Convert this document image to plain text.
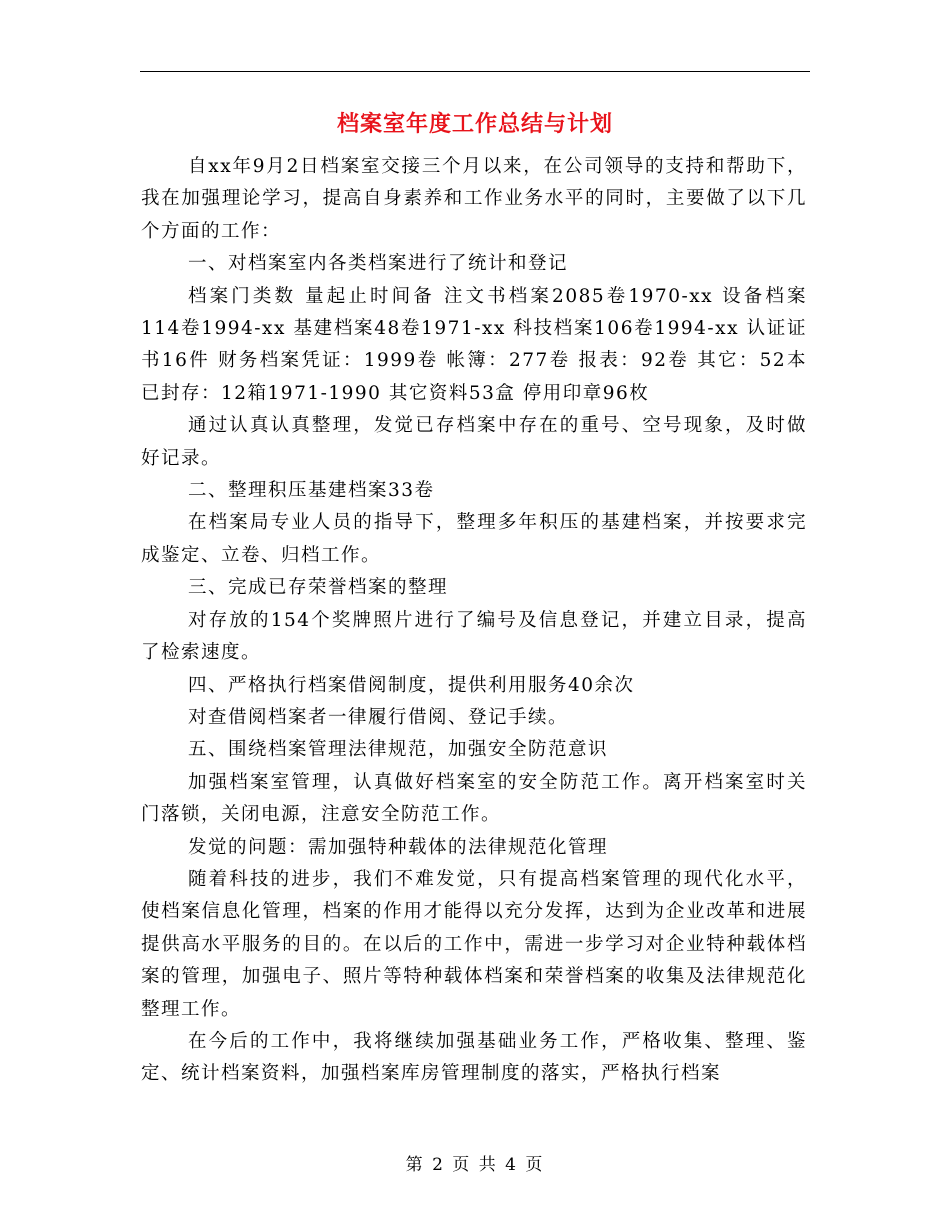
档案室年度工作总结与计划

自xx年9月2日档案室交接三个月以来，在公司领导的支持和帮助下，我在加强理论学习，提高自身素养和工作业务水平的同时，主要做了以下几个方面的工作：

一、对档案室内各类档案进行了统计和登记

档案门类数 量起止时间备 注文书档案2085卷1970-xx 设备档案114卷1994-xx 基建档案48卷1971-xx 科技档案106卷1994-xx 认证证书16件 财务档案凭证：1999卷 帐簿：277卷 报表：92卷 其它：52本 已封存：12箱1971-1990 其它资料53盒 停用印章96枚

通过认真认真整理，发觉已存档案中存在的重号、空号现象，及时做好记录。

二、整理积压基建档案33卷

在档案局专业人员的指导下，整理多年积压的基建档案，并按要求完成鉴定、立卷、归档工作。

三、完成已存荣誉档案的整理

对存放的154个奖牌照片进行了编号及信息登记，并建立目录，提高了检索速度。

四、严格执行档案借阅制度，提供利用服务40余次

对查借阅档案者一律履行借阅、登记手续。

五、围绕档案管理法律规范，加强安全防范意识

加强档案室管理，认真做好档案室的安全防范工作。离开档案室时关门落锁，关闭电源，注意安全防范工作。

发觉的问题：需加强特种载体的法律规范化管理

随着科技的进步，我们不难发觉，只有提高档案管理的现代化水平，使档案信息化管理，档案的作用才能得以充分发挥，达到为企业改革和进展提供高水平服务的目的。在以后的工作中，需进一步学习对企业特种载体档案的管理，加强电子、照片等特种载体档案和荣誉档案的收集及法律规范化整理工作。

在今后的工作中，我将继续加强基础业务工作，严格收集、整理、鉴定、统计档案资料，加强档案库房管理制度的落实，严格执行档案

第 2 页 共 4 页
